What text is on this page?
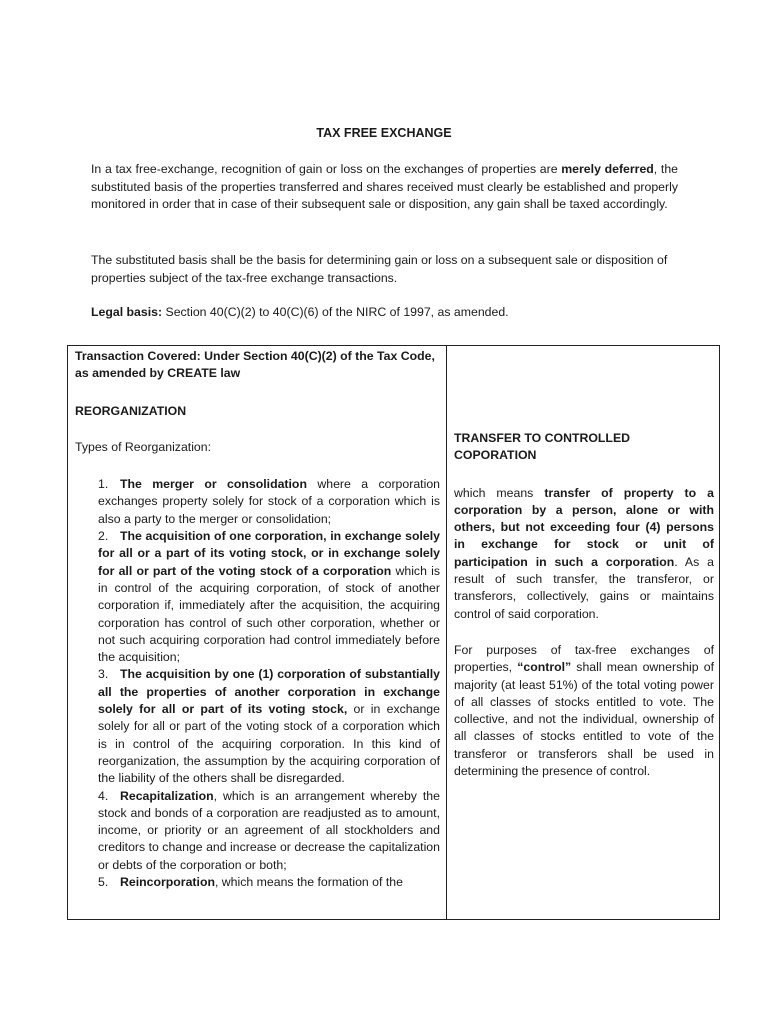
TAX FREE EXCHANGE
In a tax free-exchange, recognition of gain or loss on the exchanges of properties are merely deferred, the substituted basis of the properties transferred and shares received must clearly be established and properly monitored in order that in case of their subsequent sale or disposition, any gain shall be taxed accordingly.
The substituted basis shall be the basis for determining gain or loss on a subsequent sale or disposition of properties subject of the tax-free exchange transactions.
Legal basis: Section 40(C)(2) to 40(C)(6) of the NIRC of 1997, as amended.

Transaction Covered: Under Section 40(C)(2) of the Tax Code, as amended by CREATE law

REORGANIZATION

Types of Reorganization:

1. The merger or consolidation where a corporation exchanges property solely for stock of a corporation which is also a party to the merger or consolidation;

2. The acquisition of one corporation, in exchange solely for all or a part of its voting stock, or in exchange solely for all or part of the voting stock of a corporation which is in control of the acquiring corporation, of stock of another corporation if, immediately after the acquisition, the acquiring corporation has control of such other corporation, whether or not such acquiring corporation had control immediately before the acquisition;

3. The acquisition by one (1) corporation of substantially all the properties of another corporation in exchange solely for all or part of its voting stock, or in exchange solely for all or part of the voting stock of a corporation which is in control of the acquiring corporation. In this kind of reorganization, the assumption by the acquiring corporation of the liability of the others shall be disregarded.

4. Recapitalization, which is an arrangement whereby the stock and bonds of a corporation are readjusted as to amount, income, or priority or an agreement of all stockholders and creditors to change and increase or decrease the capitalization or debts of the corporation or both;

5. Reincorporation, which means the formation of the

TRANSFER TO CONTROLLED COPORATION

which means transfer of property to a corporation by a person, alone or with others, but not exceeding four (4) persons in exchange for stock or unit of participation in such a corporation. As a result of such transfer, the transferor, or transferors, collectively, gains or maintains control of said corporation.

For purposes of tax-free exchanges of properties, “control” shall mean ownership of majority (at least 51%) of the total voting power of all classes of stocks entitled to vote. The collective, and not the individual, ownership of all classes of stocks entitled to vote of the transferor or transferors shall be used in determining the presence of control.
